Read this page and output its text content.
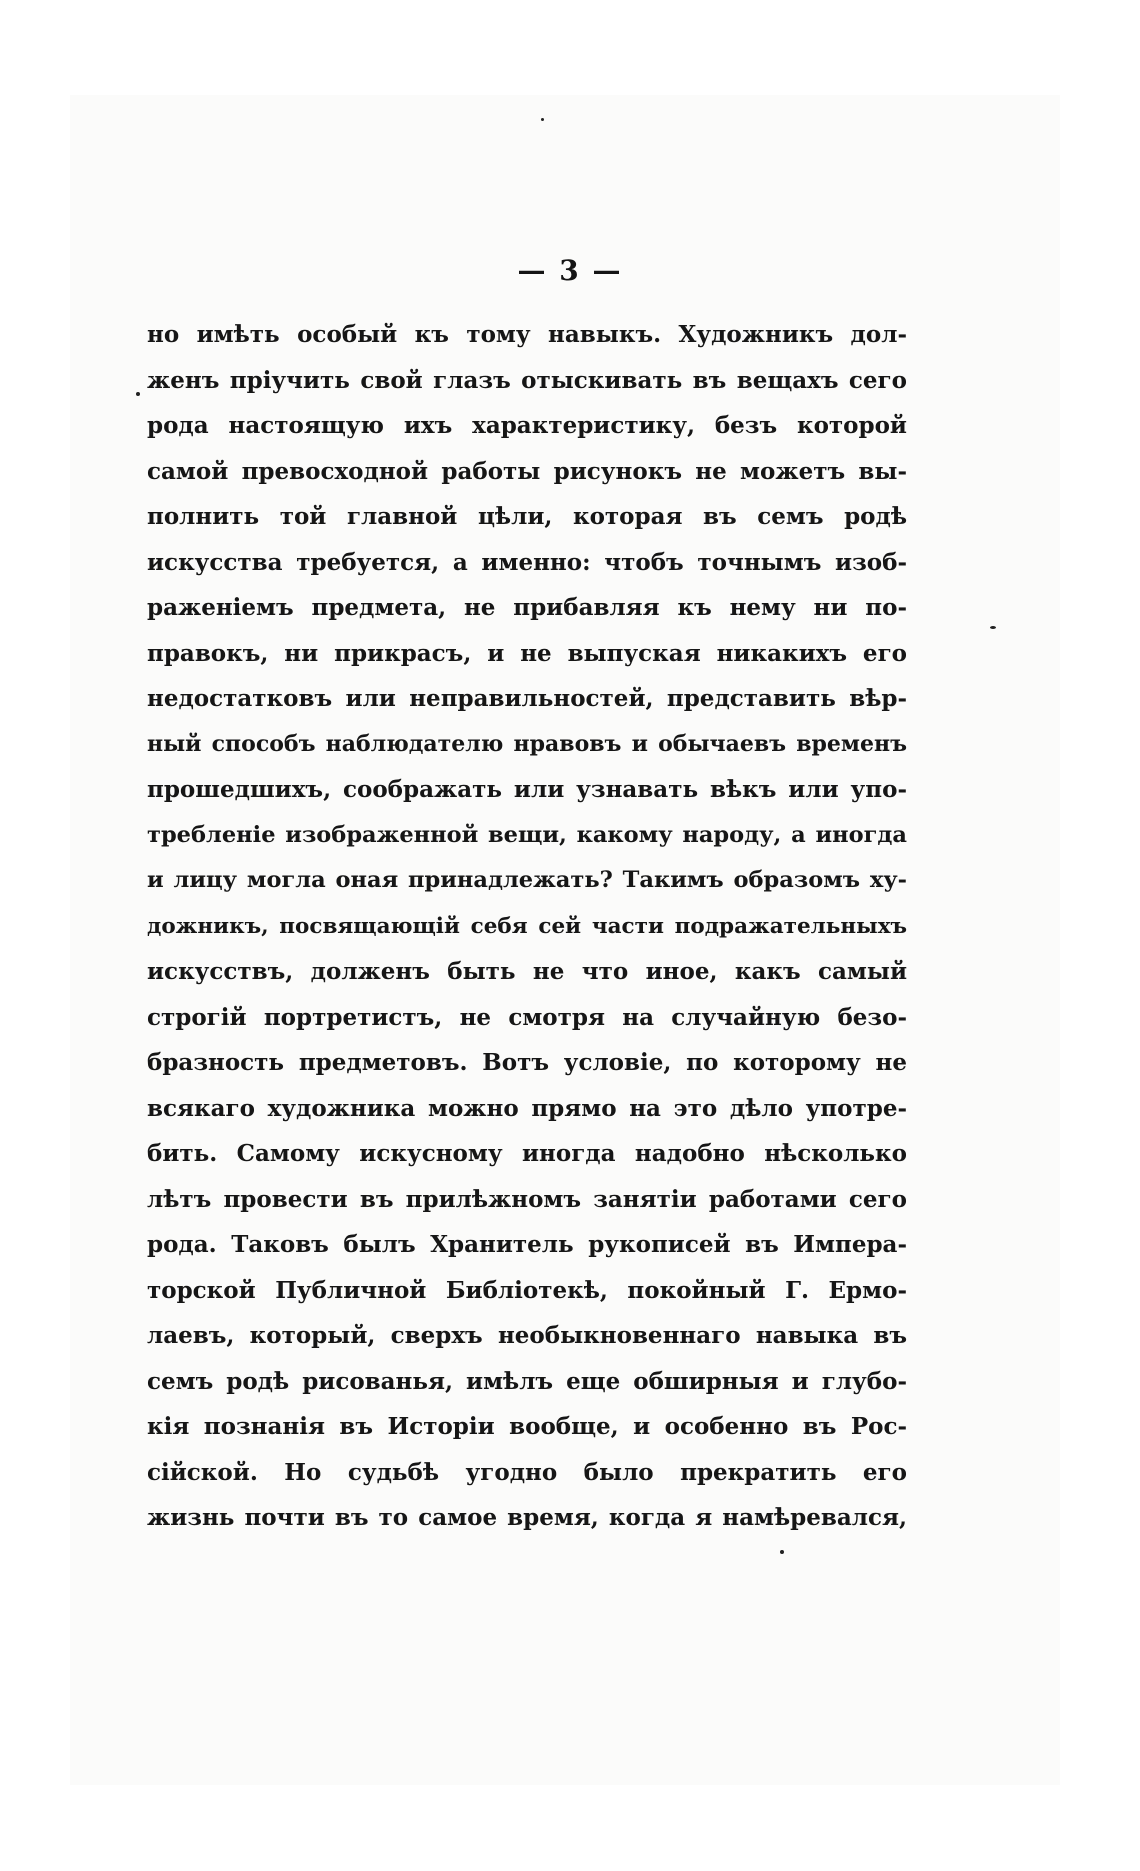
— 3 —
но имѣть особый къ тому навыкъ. Художникъ дол-
женъ пріучить свой глазъ отыскивать въ вещахъ сего
рода настоящую ихъ характеристику, безъ которой
самой превосходной работы рисунокъ не можетъ вы-
полнить той главной цѣли, которая въ семъ родѣ
искусства требуется, а именно: чтобъ точнымъ изоб-
раженіемъ предмета, не прибавляя къ нему ни по-
правокъ, ни прикрасъ, и не выпуская никакихъ его
недостатковъ или неправильностей, представить вѣр-
ный способъ наблюдателю нравовъ и обычаевъ временъ
прошедшихъ, соображать или узнавать вѣкъ или упо-
требленіе изображенной вещи, какому народу, а иногда
и лицу могла оная принадлежать? Такимъ образомъ ху-
дожникъ, посвящающій себя сей части подражательныхъ
искусствъ, долженъ быть не что иное, какъ самый
строгій портретистъ, не смотря на случайную безо-
бразность предметовъ. Вотъ условіе, по которому не
всякаго художника можно прямо на это дѣло употре-
бить. Самому искусному иногда надобно нѣсколько
лѣтъ провести въ прилѣжномъ занятіи работами сего
рода. Таковъ былъ Хранитель рукописей въ Импера-
торской Публичной Библіотекѣ, покойный Г. Ермо-
лаевъ, который, сверхъ необыкновеннаго навыка въ
семъ родѣ рисованья, имѣлъ еще обширныя и глубо-
кія познанія въ Исторіи вообще, и особенно въ Рос-
сійской. Но судьбѣ угодно было прекратить его
жизнь почти въ то самое время, когда я намѣревался,
